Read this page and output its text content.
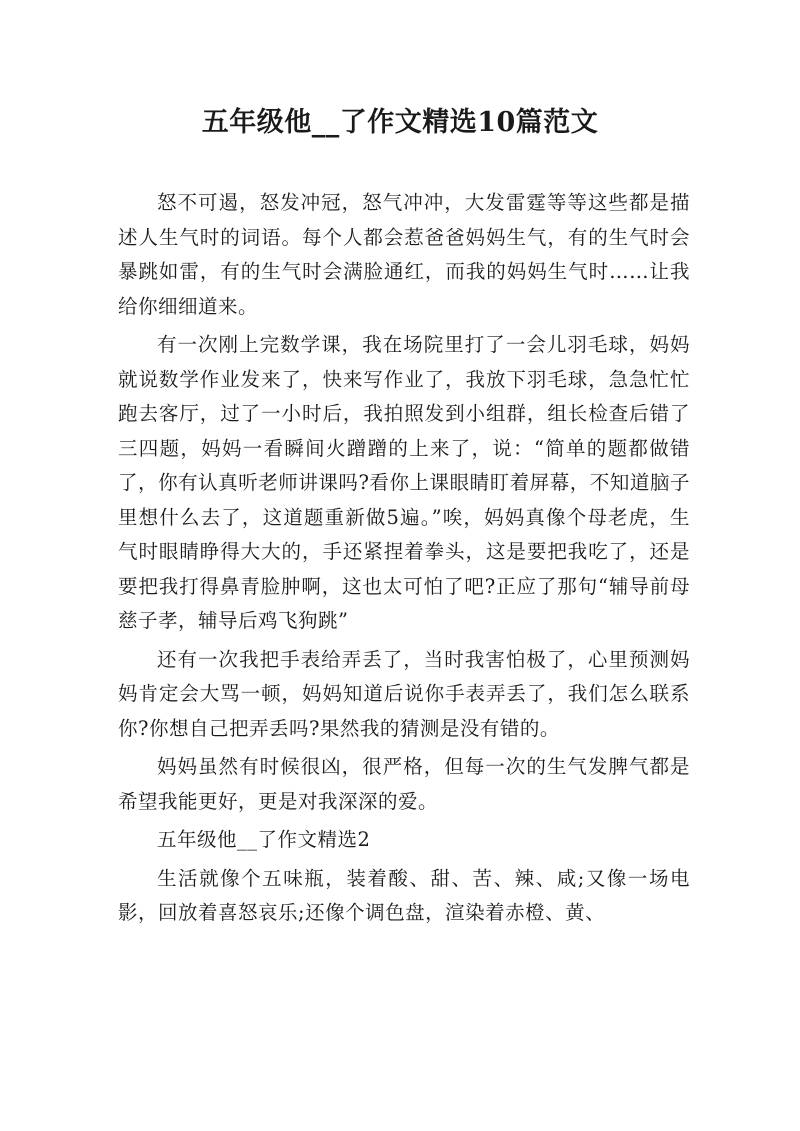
五年级他__了作文精选10篇范文

怒不可遏，怒发冲冠，怒气冲冲，大发雷霆等等这些都是描述人生气时的词语。每个人都会惹爸爸妈妈生气，有的生气时会暴跳如雷，有的生气时会满脸通红，而我的妈妈生气时……让我给你细细道来。

有一次刚上完数学课，我在场院里打了一会儿羽毛球，妈妈就说数学作业发来了，快来写作业了，我放下羽毛球，急急忙忙跑去客厅，过了一小时后，我拍照发到小组群，组长检查后错了三四题，妈妈一看瞬间火蹭蹭的上来了，说：“简单的题都做错了，你有认真听老师讲课吗?看你上课眼睛盯着屏幕，不知道脑子里想什么去了，这道题重新做5遍。”唉，妈妈真像个母老虎，生气时眼睛睁得大大的，手还紧捏着拳头，这是要把我吃了，还是要把我打得鼻青脸肿啊，这也太可怕了吧?正应了那句“辅导前母慈子孝，辅导后鸡飞狗跳”

还有一次我把手表给弄丢了，当时我害怕极了，心里预测妈妈肯定会大骂一顿，妈妈知道后说你手表弄丢了，我们怎么联系你?你想自己把弄丢吗?果然我的猜测是没有错的。

妈妈虽然有时候很凶，很严格，但每一次的生气发脾气都是希望我能更好，更是对我深深的爱。

五年级他__了作文精选2

生活就像个五味瓶，装着酸、甜、苦、辣、咸;又像一场电影，回放着喜怒哀乐;还像个调色盘，渲染着赤橙、黄、
